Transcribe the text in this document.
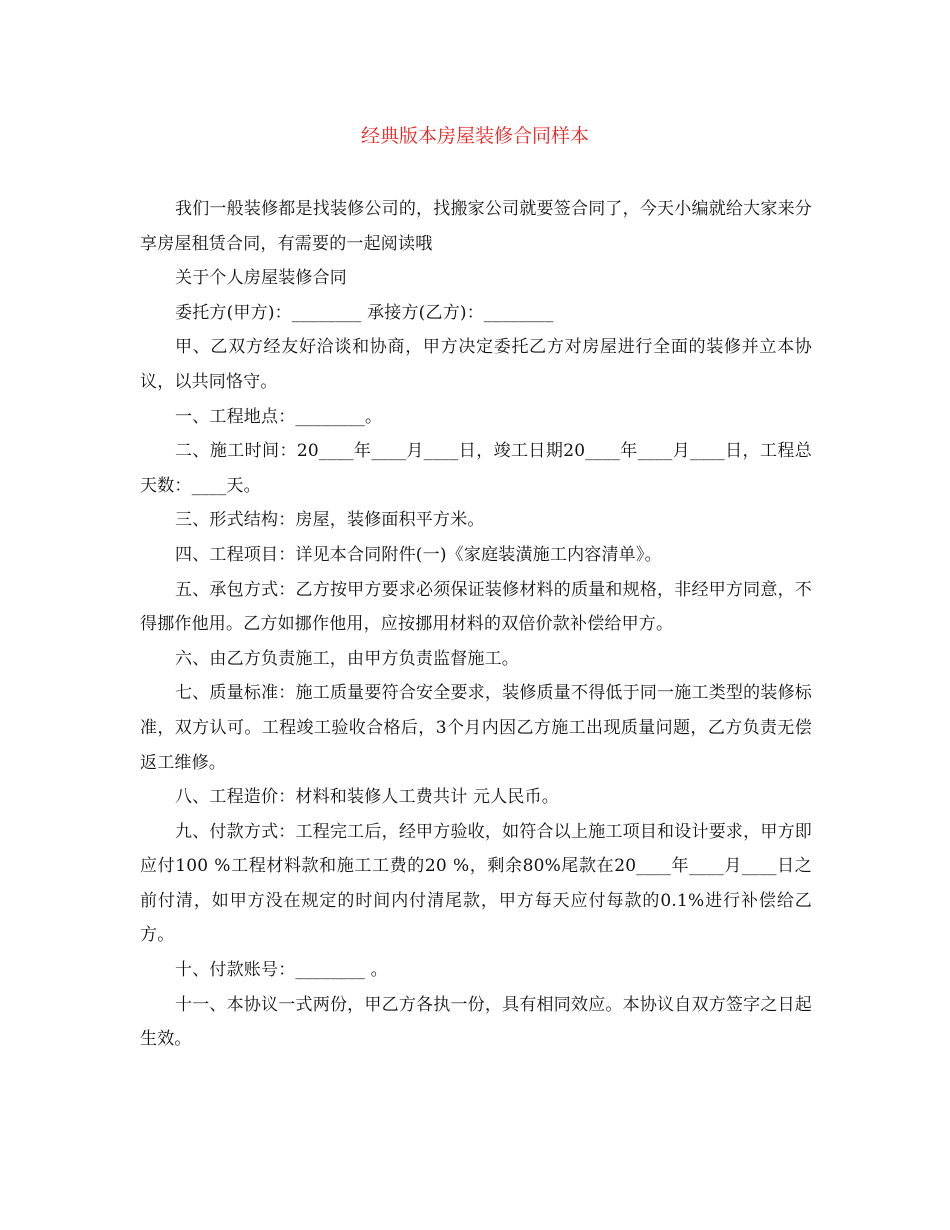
经典版本房屋装修合同样本

我们一般装修都是找装修公司的，找搬家公司就要签合同了，今天小编就给大家来分享房屋租赁合同，有需要的一起阅读哦

关于个人房屋装修合同

委托方(甲方)：________ 承接方(乙方)：________

甲、乙双方经友好洽谈和协商，甲方决定委托乙方对房屋进行全面的装修并立本协议，以共同恪守。

一、工程地点：________。

二、施工时间：20____年____月____日，竣工日期20____年____月____日，工程总天数：____天。

三、形式结构：房屋，装修面积平方米。

四、工程项目：详见本合同附件(一)《家庭装潢施工内容清单》。

五、承包方式：乙方按甲方要求必须保证装修材料的质量和规格，非经甲方同意，不得挪作他用。乙方如挪作他用，应按挪用材料的双倍价款补偿给甲方。

六、由乙方负责施工，由甲方负责监督施工。

七、质量标准：施工质量要符合安全要求，装修质量不得低于同一施工类型的装修标准，双方认可。工程竣工验收合格后，3个月内因乙方施工出现质量问题，乙方负责无偿返工维修。

八、工程造价：材料和装修人工费共计 元人民币。

九、付款方式：工程完工后，经甲方验收，如符合以上施工项目和设计要求，甲方即应付100 %工程材料款和施工工费的20 %，剩余80%尾款在20____年____月____日之前付清，如甲方没在规定的时间内付清尾款，甲方每天应付每款的0.1%进行补偿给乙方。

十、付款账号：________ 。

十一、本协议一式两份，甲乙方各执一份，具有相同效应。本协议自双方签字之日起生效。
